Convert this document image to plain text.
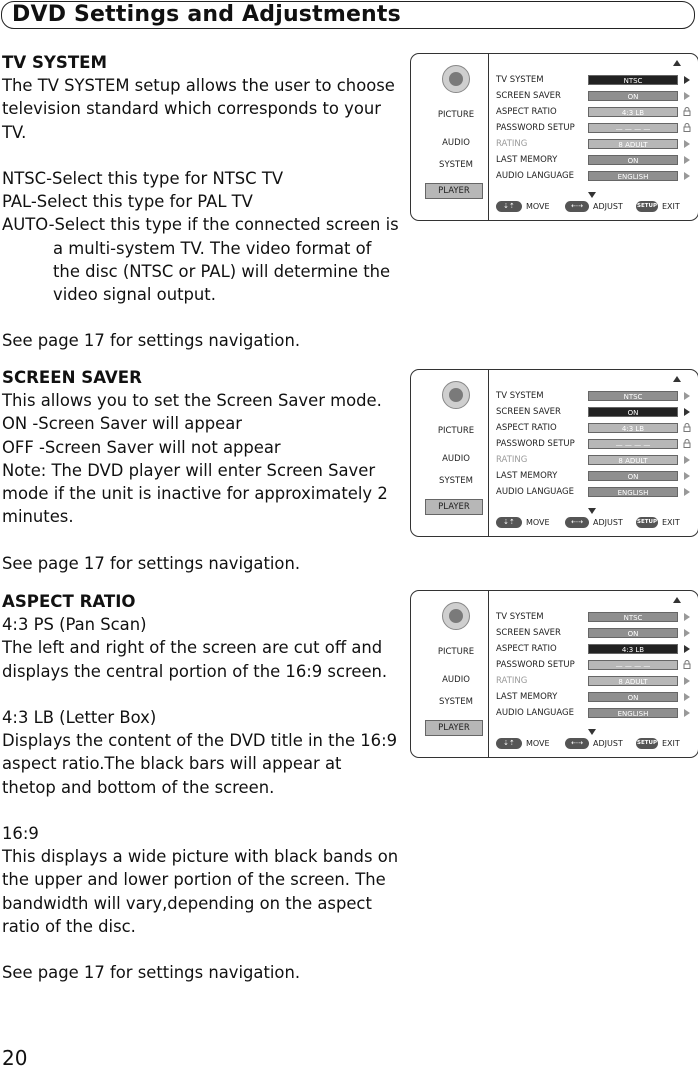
DVD Settings and Adjustments

TV SYSTEM

The TV SYSTEM setup allows the user to choose television standard which corresponds to your TV.

NTSC-Select this type for NTSC TV

PAL-Select this type for PAL TV

AUTO- Select this type if the connected screen is

a multi-system TV. The video format of the disc (NTSC or PAL) will determine the video signal output.

See page 17 for settings navigation.

SCREEN SAVER

This allows you to set the Screen Saver mode.

ON -Screen Saver will appear

OFF -Screen Saver will not appear

Note: The DVD player will enter Screen Saver mode if the unit is inactive for approximately 2 minutes.

See page 17 for settings navigation.

ASPECT RATIO

4:3 PS (Pan Scan)

The left and right of the screen are cut off and displays the central portion of the 16:9 screen.

4:3 LB (Letter Box)

Displays the content of the DVD title in the 16:9 aspect ratio.The black bars will appear at thetop and bottom of the screen.

16:9

This displays a wide picture with black bands on the upper and lower portion of the screen. The bandwidth will vary,depending on the aspect ratio of the disc.

See page 17 for settings navigation.

20
PICTURE
AUDIO
SYSTEM
PLAYER
TV SYSTEM	NTSC
SCREEN SAVER	ON
ASPECT RATIO	4:3 LB
PASSWORD SETUP	— — — —
RATING	8 ADULT
LAST MEMORY	ON
AUDIO LANGUAGE	ENGLISH
⇣⇡	MOVE	⇠⇢	ADJUST	SETUP EXIT
PICTURE
AUDIO
SYSTEM
PLAYER
TV SYSTEM	NTSC
SCREEN SAVER	ON
ASPECT RATIO	4:3 LB
PASSWORD SETUP	— — — —
RATING	8 ADULT
LAST MEMORY	ON
AUDIO LANGUAGE	ENGLISH
⇣⇡	MOVE	⇠⇢	ADJUST	SETUP EXIT
PICTURE
AUDIO
SYSTEM
PLAYER
TV SYSTEM	NTSC
SCREEN SAVER	ON
ASPECT RATIO	4:3 LB
PASSWORD SETUP	— — — —
RATING	8 ADULT
LAST MEMORY	ON
AUDIO LANGUAGE	ENGLISH
⇣⇡	MOVE	⇠⇢	ADJUST	SETUP EXIT
